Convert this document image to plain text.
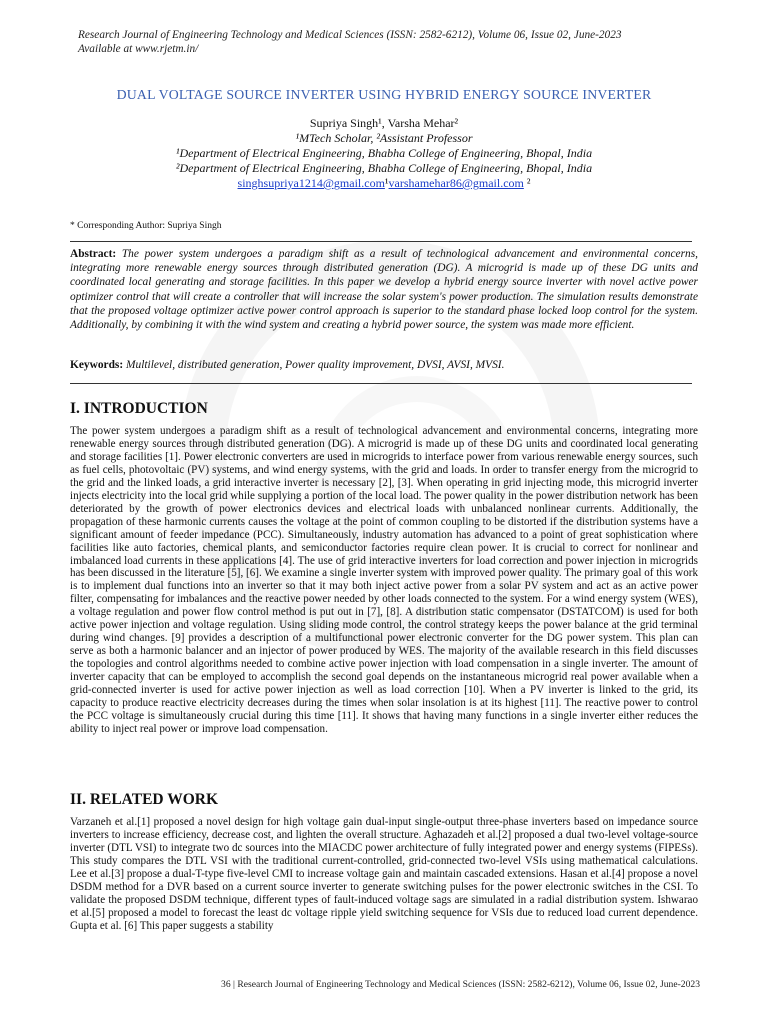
Research Journal of Engineering Technology and Medical Sciences (ISSN: 2582-6212), Volume 06, Issue 02, June-2023
Available at www.rjetm.in/
DUAL VOLTAGE SOURCE INVERTER USING HYBRID ENERGY SOURCE INVERTER
Supriya Singh¹, Varsha Mehar²
¹MTech Scholar, ²Assistant Professor
¹Department of Electrical Engineering, Bhabha College of Engineering, Bhopal, India
²Department of Electrical Engineering, Bhabha College of Engineering, Bhopal, India
singhsupriya1214@gmail.com¹varshamehar86@gmail.com ²
* Corresponding Author: Supriya Singh
Abstract: The power system undergoes a paradigm shift as a result of technological advancement and environmental concerns, integrating more renewable energy sources through distributed generation (DG). A microgrid is made up of these DG units and coordinated local generating and storage facilities. In this paper we develop a hybrid energy source inverter with novel active power optimizer control that will create a controller that will increase the solar system's power production. The simulation results demonstrate that the proposed voltage optimizer active power control approach is superior to the standard phase locked loop control for the system. Additionally, by combining it with the wind system and creating a hybrid power source, the system was made more efficient.
Keywords: Multilevel, distributed generation, Power quality improvement, DVSI, AVSI, MVSI.
I. INTRODUCTION
The power system undergoes a paradigm shift as a result of technological advancement and environmental concerns, integrating more renewable energy sources through distributed generation (DG). A microgrid is made up of these DG units and coordinated local generating and storage facilities [1]. Power electronic converters are used in microgrids to interface power from various renewable energy sources, such as fuel cells, photovoltaic (PV) systems, and wind energy systems, with the grid and loads. In order to transfer energy from the microgrid to the grid and the linked loads, a grid interactive inverter is necessary [2], [3]. When operating in grid injecting mode, this microgrid inverter injects electricity into the local grid while supplying a portion of the local load. The power quality in the power distribution network has been deteriorated by the growth of power electronics devices and electrical loads with unbalanced nonlinear currents. Additionally, the propagation of these harmonic currents causes the voltage at the point of common coupling to be distorted if the distribution systems have a significant amount of feeder impedance (PCC). Simultaneously, industry automation has advanced to a point of great sophistication where facilities like auto factories, chemical plants, and semiconductor factories require clean power. It is crucial to correct for nonlinear and imbalanced load currents in these applications [4]. The use of grid interactive inverters for load correction and power injection in microgrids has been discussed in the literature [5], [6]. We examine a single inverter system with improved power quality. The primary goal of this work is to implement dual functions into an inverter so that it may both inject active power from a solar PV system and act as an active power filter, compensating for imbalances and the reactive power needed by other loads connected to the system. For a wind energy system (WES), a voltage regulation and power flow control method is put out in [7], [8]. A distribution static compensator (DSTATCOM) is used for both active power injection and voltage regulation. Using sliding mode control, the control strategy keeps the power balance at the grid terminal during wind changes. [9] provides a description of a multifunctional power electronic converter for the DG power system. This plan can serve as both a harmonic balancer and an injector of power produced by WES. The majority of the available research in this field discusses the topologies and control algorithms needed to combine active power injection with load compensation in a single inverter. The amount of inverter capacity that can be employed to accomplish the second goal depends on the instantaneous microgrid real power available when a grid-connected inverter is used for active power injection as well as load correction [10]. When a PV inverter is linked to the grid, its capacity to produce reactive electricity decreases during the times when solar insolation is at its highest [11]. The reactive power to control the PCC voltage is simultaneously crucial during this time [11]. It shows that having many functions in a single inverter either reduces the ability to inject real power or improve load compensation.
II. RELATED WORK
Varzaneh et al.[1] proposed a novel design for high voltage gain dual-input single-output three-phase inverters based on impedance source inverters to increase efficiency, decrease cost, and lighten the overall structure. Aghazadeh et al.[2] proposed a dual two-level voltage-source inverter (DTL VSI) to integrate two dc sources into the MIACDC power architecture of fully integrated power and energy systems (FIPESs). This study compares the DTL VSI with the traditional current-controlled, grid-connected two-level VSIs using mathematical calculations. Lee et al.[3] propose a dual-T-type five-level CMI to increase voltage gain and maintain cascaded extensions. Hasan et al.[4] propose a novel DSDM method for a DVR based on a current source inverter to generate switching pulses for the power electronic switches in the CSI. To validate the proposed DSDM technique, different types of fault-induced voltage sags are simulated in a radial distribution system. Ishwarao et al.[5] proposed a model to forecast the least dc voltage ripple yield switching sequence for VSIs due to reduced load current dependence. Gupta et al. [6] This paper suggests a stability
36 | Research Journal of Engineering Technology and Medical Sciences (ISSN: 2582-6212), Volume 06, Issue 02, June-2023
